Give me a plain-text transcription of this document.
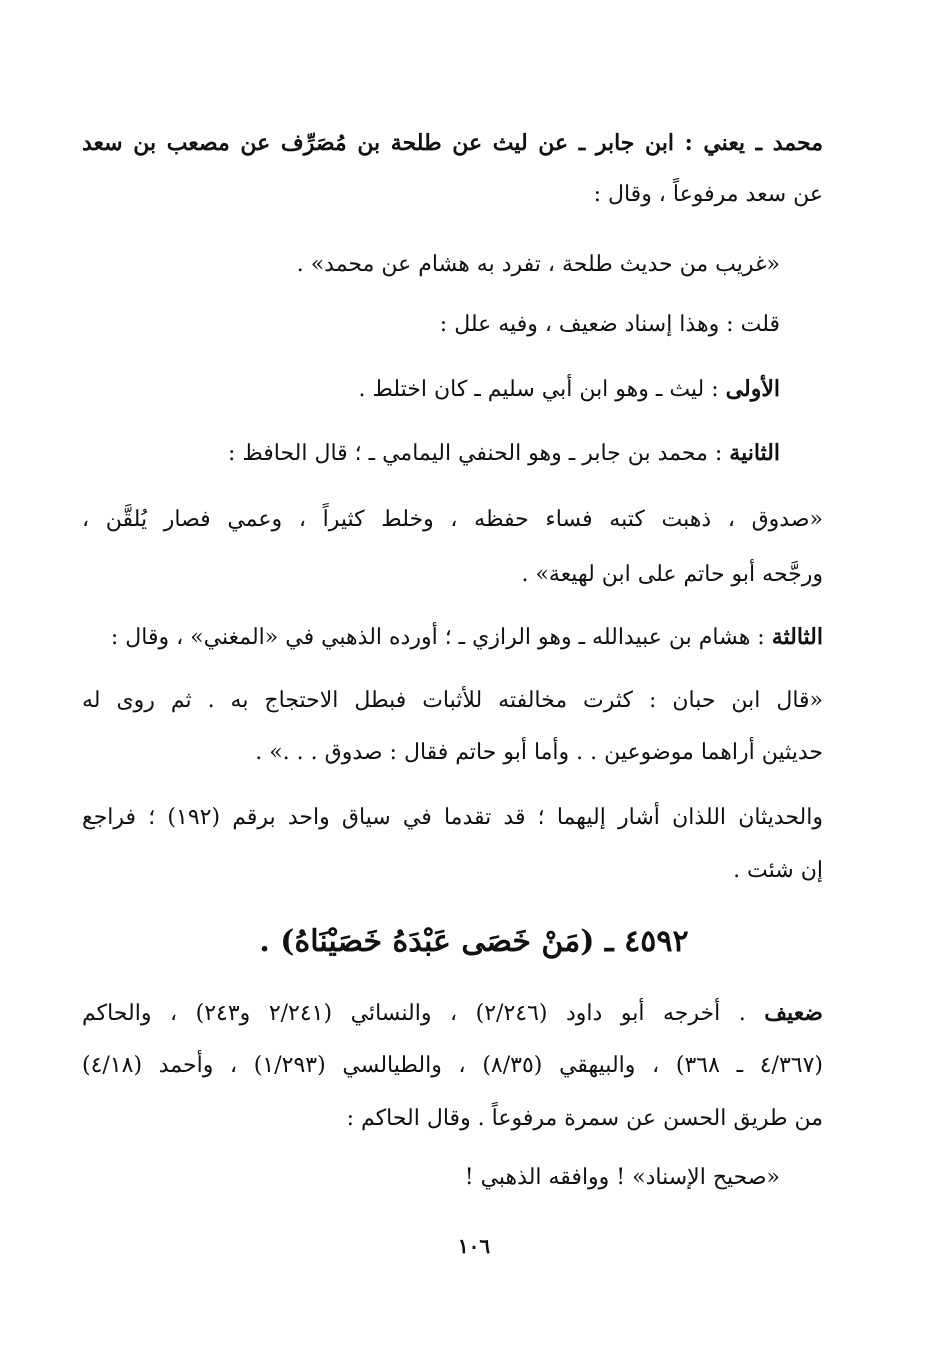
محمد ـ يعني : ابن جابر ـ عن ليث عن طلحة بن مُصَرِّف عن مصعب بن سعد
عن سعد مرفوعاً ، وقال :
«غريب من حديث طلحة ، تفرد به هشام عن محمد» .
قلت : وهذا إسناد ضعيف ، وفيه علل :
الأولى : ليث ـ وهو ابن أبي سليم ـ كان اختلط .
الثانية : محمد بن جابر ـ وهو الحنفي اليمامي ـ ؛ قال الحافظ :
«صدوق ، ذهبت كتبه فساء حفظه ، وخلط كثيراً ، وعمي فصار يُلقَّن ،
ورجَّحه أبو حاتم على ابن لهيعة» .
الثالثة : هشام بن عبيدالله ـ وهو الرازي ـ ؛ أورده الذهبي في «المغني» ، وقال :
«قال ابن حبان : كثرت مخالفته للأثبات فبطل الاحتجاج به . ثم روى له
حديثين أراهما موضوعين . . وأما أبو حاتم فقال : صدوق . . .» .
والحديثان اللذان أشار إليهما ؛ قد تقدما في سياق واحد برقم (١٩٢) ؛ فراجع
إن شئت .
٤٥٩٢ ـ (مَنْ خَصَى عَبْدَهُ خَصَيْنَاهُ) .
ضعيف . أخرجه أبو داود (٢/٢٤٦) ، والنسائي (٢/٢٤١ و٢٤٣) ، والحاكم
(٤/٣٦٧ ـ ٣٦٨) ، والبيهقي (٨/٣٥) ، والطيالسي (١/٢٩٣) ، وأحمد (٤/١٨)
من طريق الحسن عن سمرة مرفوعاً . وقال الحاكم :
«صحيح الإسناد» ! ووافقه الذهبي !
١٠٦
